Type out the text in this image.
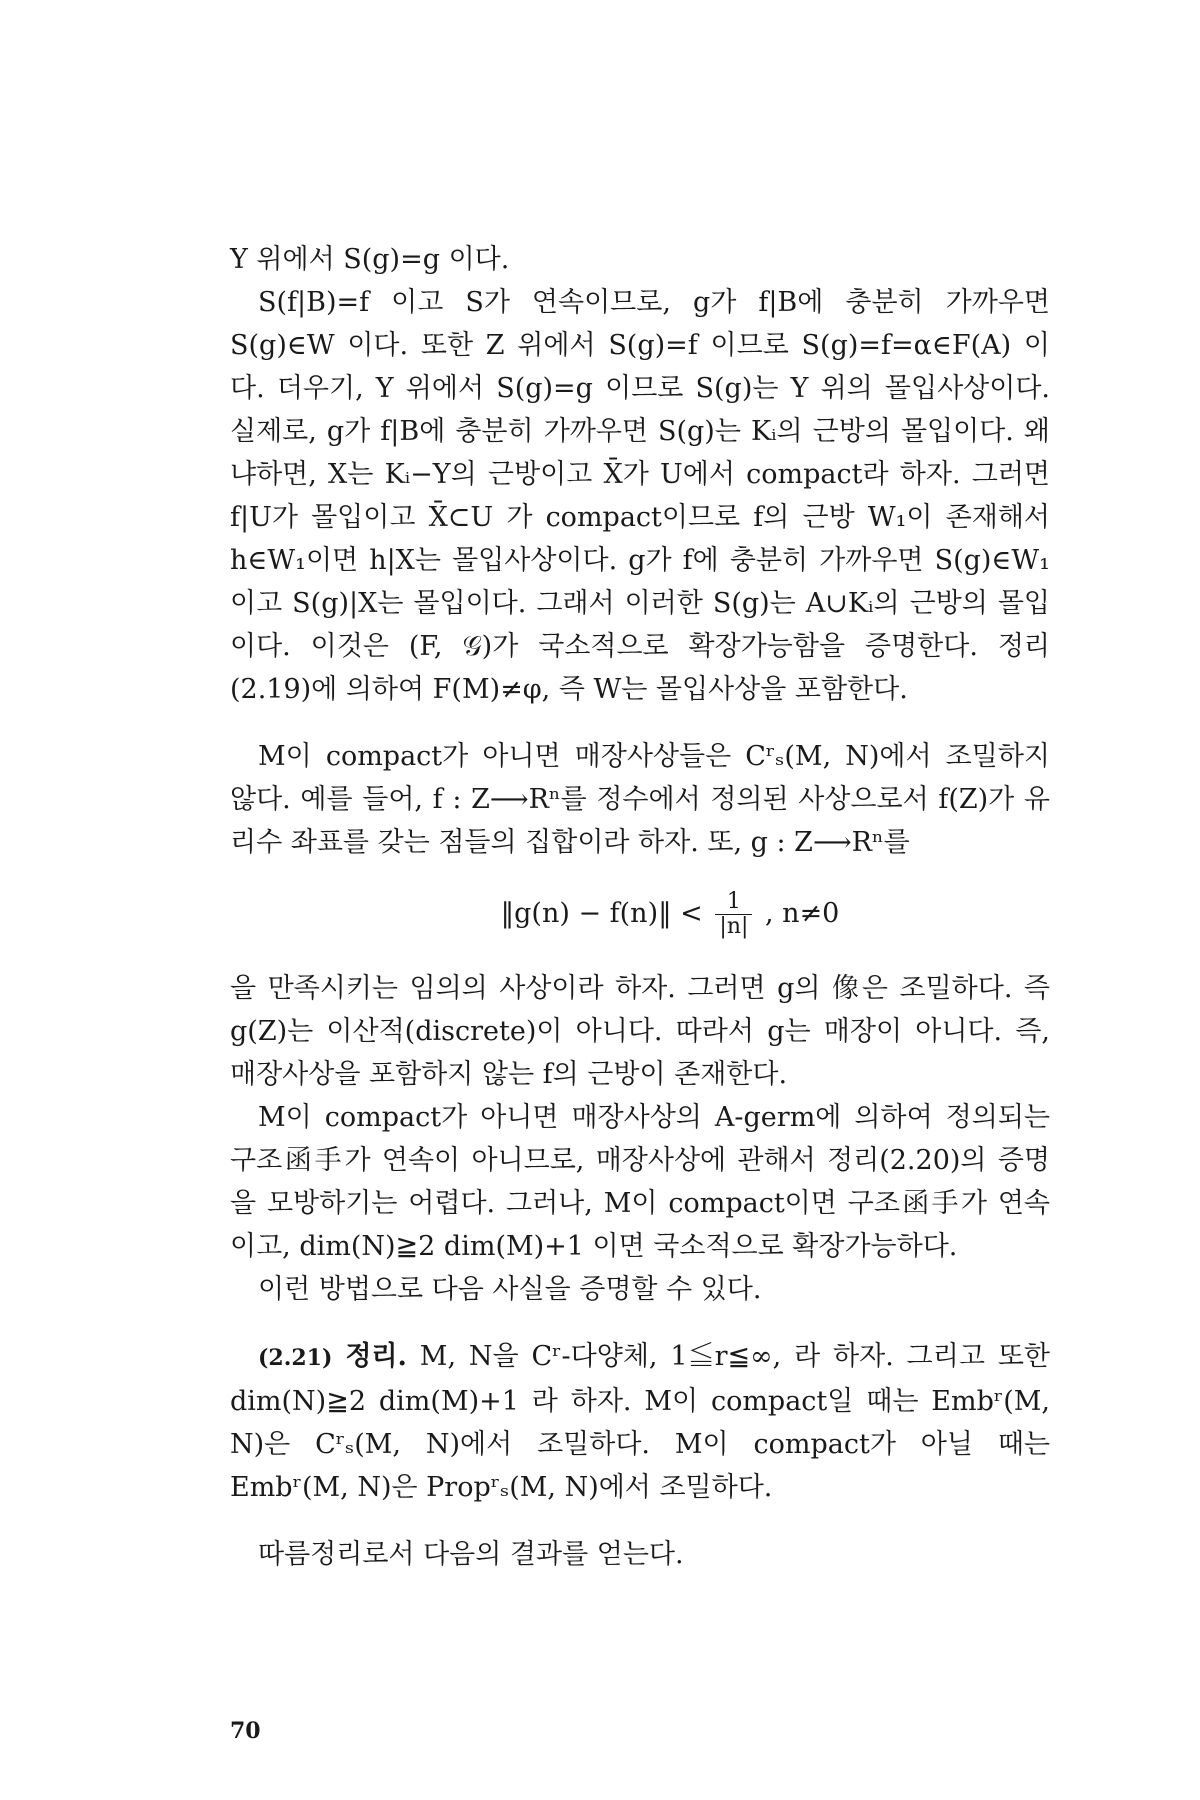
Y 위에서 S(g)=g 이다.

S(f|B)=f 이고 S가 연속이므로, g가 f|B에 충분히 가까우면 S(g)∈W 이다. 또한 Z 위에서 S(g)=f 이므로 S(g)=f=α∈F(A) 이다. 더우기, Y 위에서 S(g)=g 이므로 S(g)는 Y 위의 몰입사상이다. 실제로, g가 f|B에 충분히 가까우면 S(g)는 Kᵢ의 근방의 몰입이다. 왜냐하면, X는 Kᵢ−Y의 근방이고 X̄가 U에서 compact라 하자. 그러면 f|U가 몰입이고 X̄⊂U 가 compact이므로 f의 근방 W₁이 존재해서 h∈W₁이면 h|X는 몰입사상이다. g가 f에 충분히 가까우면 S(g)∈W₁이고 S(g)|X는 몰입이다. 그래서 이러한 S(g)는 A∪Kᵢ의 근방의 몰입이다. 이것은 (F, 𝒢)가 국소적으로 확장가능함을 증명한다. 정리(2.19)에 의하여 F(M)≠φ, 즉 W는 몰입사상을 포함한다.

M이 compact가 아니면 매장사상들은 Cʳₛ(M, N)에서 조밀하지 않다. 예를 들어, f : Z⟶Rⁿ를 정수에서 정의된 사상으로서 f(Z)가 유리수 좌표를 갖는 점들의 집합이라 하자. 또, g : Z⟶Rⁿ를

‖g(n) − f(n)‖ < $\frac{1}{|n|}$ , n≠0

을 만족시키는 임의의 사상이라 하자. 그러면 g의 像은 조밀하다. 즉 g(Z)는 이산적(discrete)이 아니다. 따라서 g는 매장이 아니다. 즉, 매장사상을 포함하지 않는 f의 근방이 존재한다.

M이 compact가 아니면 매장사상의 A-germ에 의하여 정의되는 구조函手가 연속이 아니므로, 매장사상에 관해서 정리(2.20)의 증명을 모방하기는 어렵다. 그러나, M이 compact이면 구조函手가 연속이고, dim(N)≧2 dim(M)+1 이면 국소적으로 확장가능하다.

이런 방법으로 다음 사실을 증명할 수 있다.

(2.21) 정리. M, N을 Cʳ-다양체, 1≦r≦∞, 라 하자. 그리고 또한 dim(N)≧2 dim(M)+1 라 하자. M이 compact일 때는 Embʳ(M, N)은 Cʳₛ(M, N)에서 조밀하다. M이 compact가 아닐 때는 Embʳ(M, N)은 Propʳₛ(M, N)에서 조밀하다.

따름정리로서 다음의 결과를 얻는다.

70
